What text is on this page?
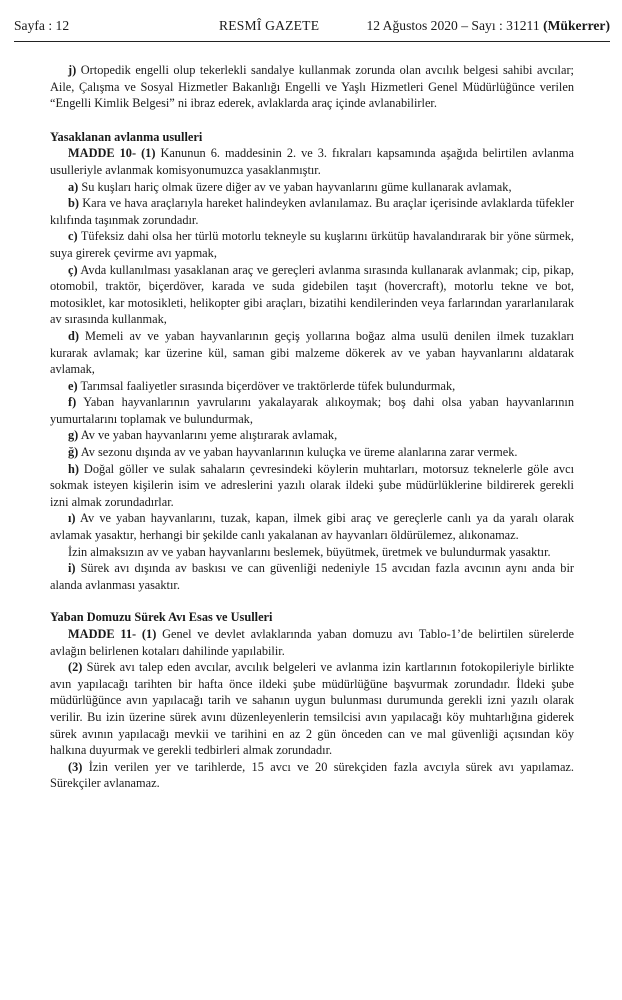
Sayfa : 12	RESMÎ GAZETE	12 Ağustos 2020 – Sayı : 31211 (Mükerrer)

j) Ortopedik engelli olup tekerlekli sandalye kullanmak zorunda olan avcılık belgesi sahibi avcılar; Aile, Çalışma ve Sosyal Hizmetler Bakanlığı Engelli ve Yaşlı Hizmetleri Genel Müdürlüğünce verilen “Engelli Kimlik Belgesi” ni ibraz ederek, avlaklarda araç içinde avlanabilirler.

Yasaklanan avlanma usulleri

MADDE 10- (1) Kanunun 6. maddesinin 2. ve 3. fıkraları kapsamında aşağıda belirtilen avlanma usulleriyle avlanmak komisyonumuzca yasaklanmıştır.

a) Su kuşları hariç olmak üzere diğer av ve yaban hayvanlarını güme kullanarak avlamak,

b) Kara ve hava araçlarıyla hareket halindeyken avlanılamaz. Bu araçlar içerisinde avlaklarda tüfekler kılıfında taşınmak zorundadır.

c) Tüfeksiz dahi olsa her türlü motorlu tekneyle su kuşlarını ürkütüp havalandırarak bir yöne sürmek, suya girerek çevirme avı yapmak,

ç) Avda kullanılması yasaklanan araç ve gereçleri avlanma sırasında kullanarak avlanmak; cip, pikap, otomobil, traktör, biçerdöver, karada ve suda gidebilen taşıt (hovercraft), motorlu tekne ve bot, motosiklet, kar motosikleti, helikopter gibi araçları, bizatihi kendilerinden veya farlarından yararlanılarak av sırasında kullanmak,

d) Memeli av ve yaban hayvanlarının geçiş yollarına boğaz alma usulü denilen ilmek tuzakları kurarak avlamak; kar üzerine kül, saman gibi malzeme dökerek av ve yaban hayvanlarını aldatarak avlamak,

e) Tarımsal faaliyetler sırasında biçerdöver ve traktörlerde tüfek bulundurmak,

f) Yaban hayvanlarının yavrularını yakalayarak alıkoymak; boş dahi olsa yaban hayvanlarının yumurtalarını toplamak ve bulundurmak,

g) Av ve yaban hayvanlarını yeme alıştırarak avlamak,

ğ) Av sezonu dışında av ve yaban hayvanlarının kuluçka ve üreme alanlarına zarar vermek.

h) Doğal göller ve sulak sahaların çevresindeki köylerin muhtarları, motorsuz teknelerle göle avcı sokmak isteyen kişilerin isim ve adreslerini yazılı olarak ildeki şube müdürlüklerine bildirerek gerekli izni almak zorundadırlar.

ı) Av ve yaban hayvanlarını, tuzak, kapan, ilmek gibi araç ve gereçlerle canlı ya da yaralı olarak avlamak yasaktır, herhangi bir şekilde canlı yakalanan av hayvanları öldürülemez, alıkonamaz.

İzin almaksızın av ve yaban hayvanlarını beslemek, büyütmek, üretmek ve bulundurmak yasaktır.

i) Sürek avı dışında av baskısı ve can güvenliği nedeniyle 15 avcıdan fazla avcının aynı anda bir alanda avlanması yasaktır.

Yaban Domuzu Sürek Avı Esas ve Usulleri

MADDE 11- (1) Genel ve devlet avlaklarında yaban domuzu avı Tablo-1’de belirtilen sürelerde avlağın belirlenen kotaları dahilinde yapılabilir.

(2) Sürek avı talep eden avcılar, avcılık belgeleri ve avlanma izin kartlarının fotokopileriyle birlikte avın yapılacağı tarihten bir hafta önce ildeki şube müdürlüğüne başvurmak zorundadır. İldeki şube müdürlüğünce avın yapılacağı tarih ve sahanın uygun bulunması durumunda gerekli izni yazılı olarak verilir. Bu izin üzerine sürek avını düzenleyenlerin temsilcisi avın yapılacağı köy muhtarlığına giderek sürek avının yapılacağı mevkii ve tarihini en az 2 gün önceden can ve mal güvenliği açısından köy halkına duyurmak ve gerekli tedbirleri almak zorundadır.

(3) İzin verilen yer ve tarihlerde, 15 avcı ve 20 sürekçiden fazla avcıyla sürek avı yapılamaz. Sürekçiler avlanamaz.
